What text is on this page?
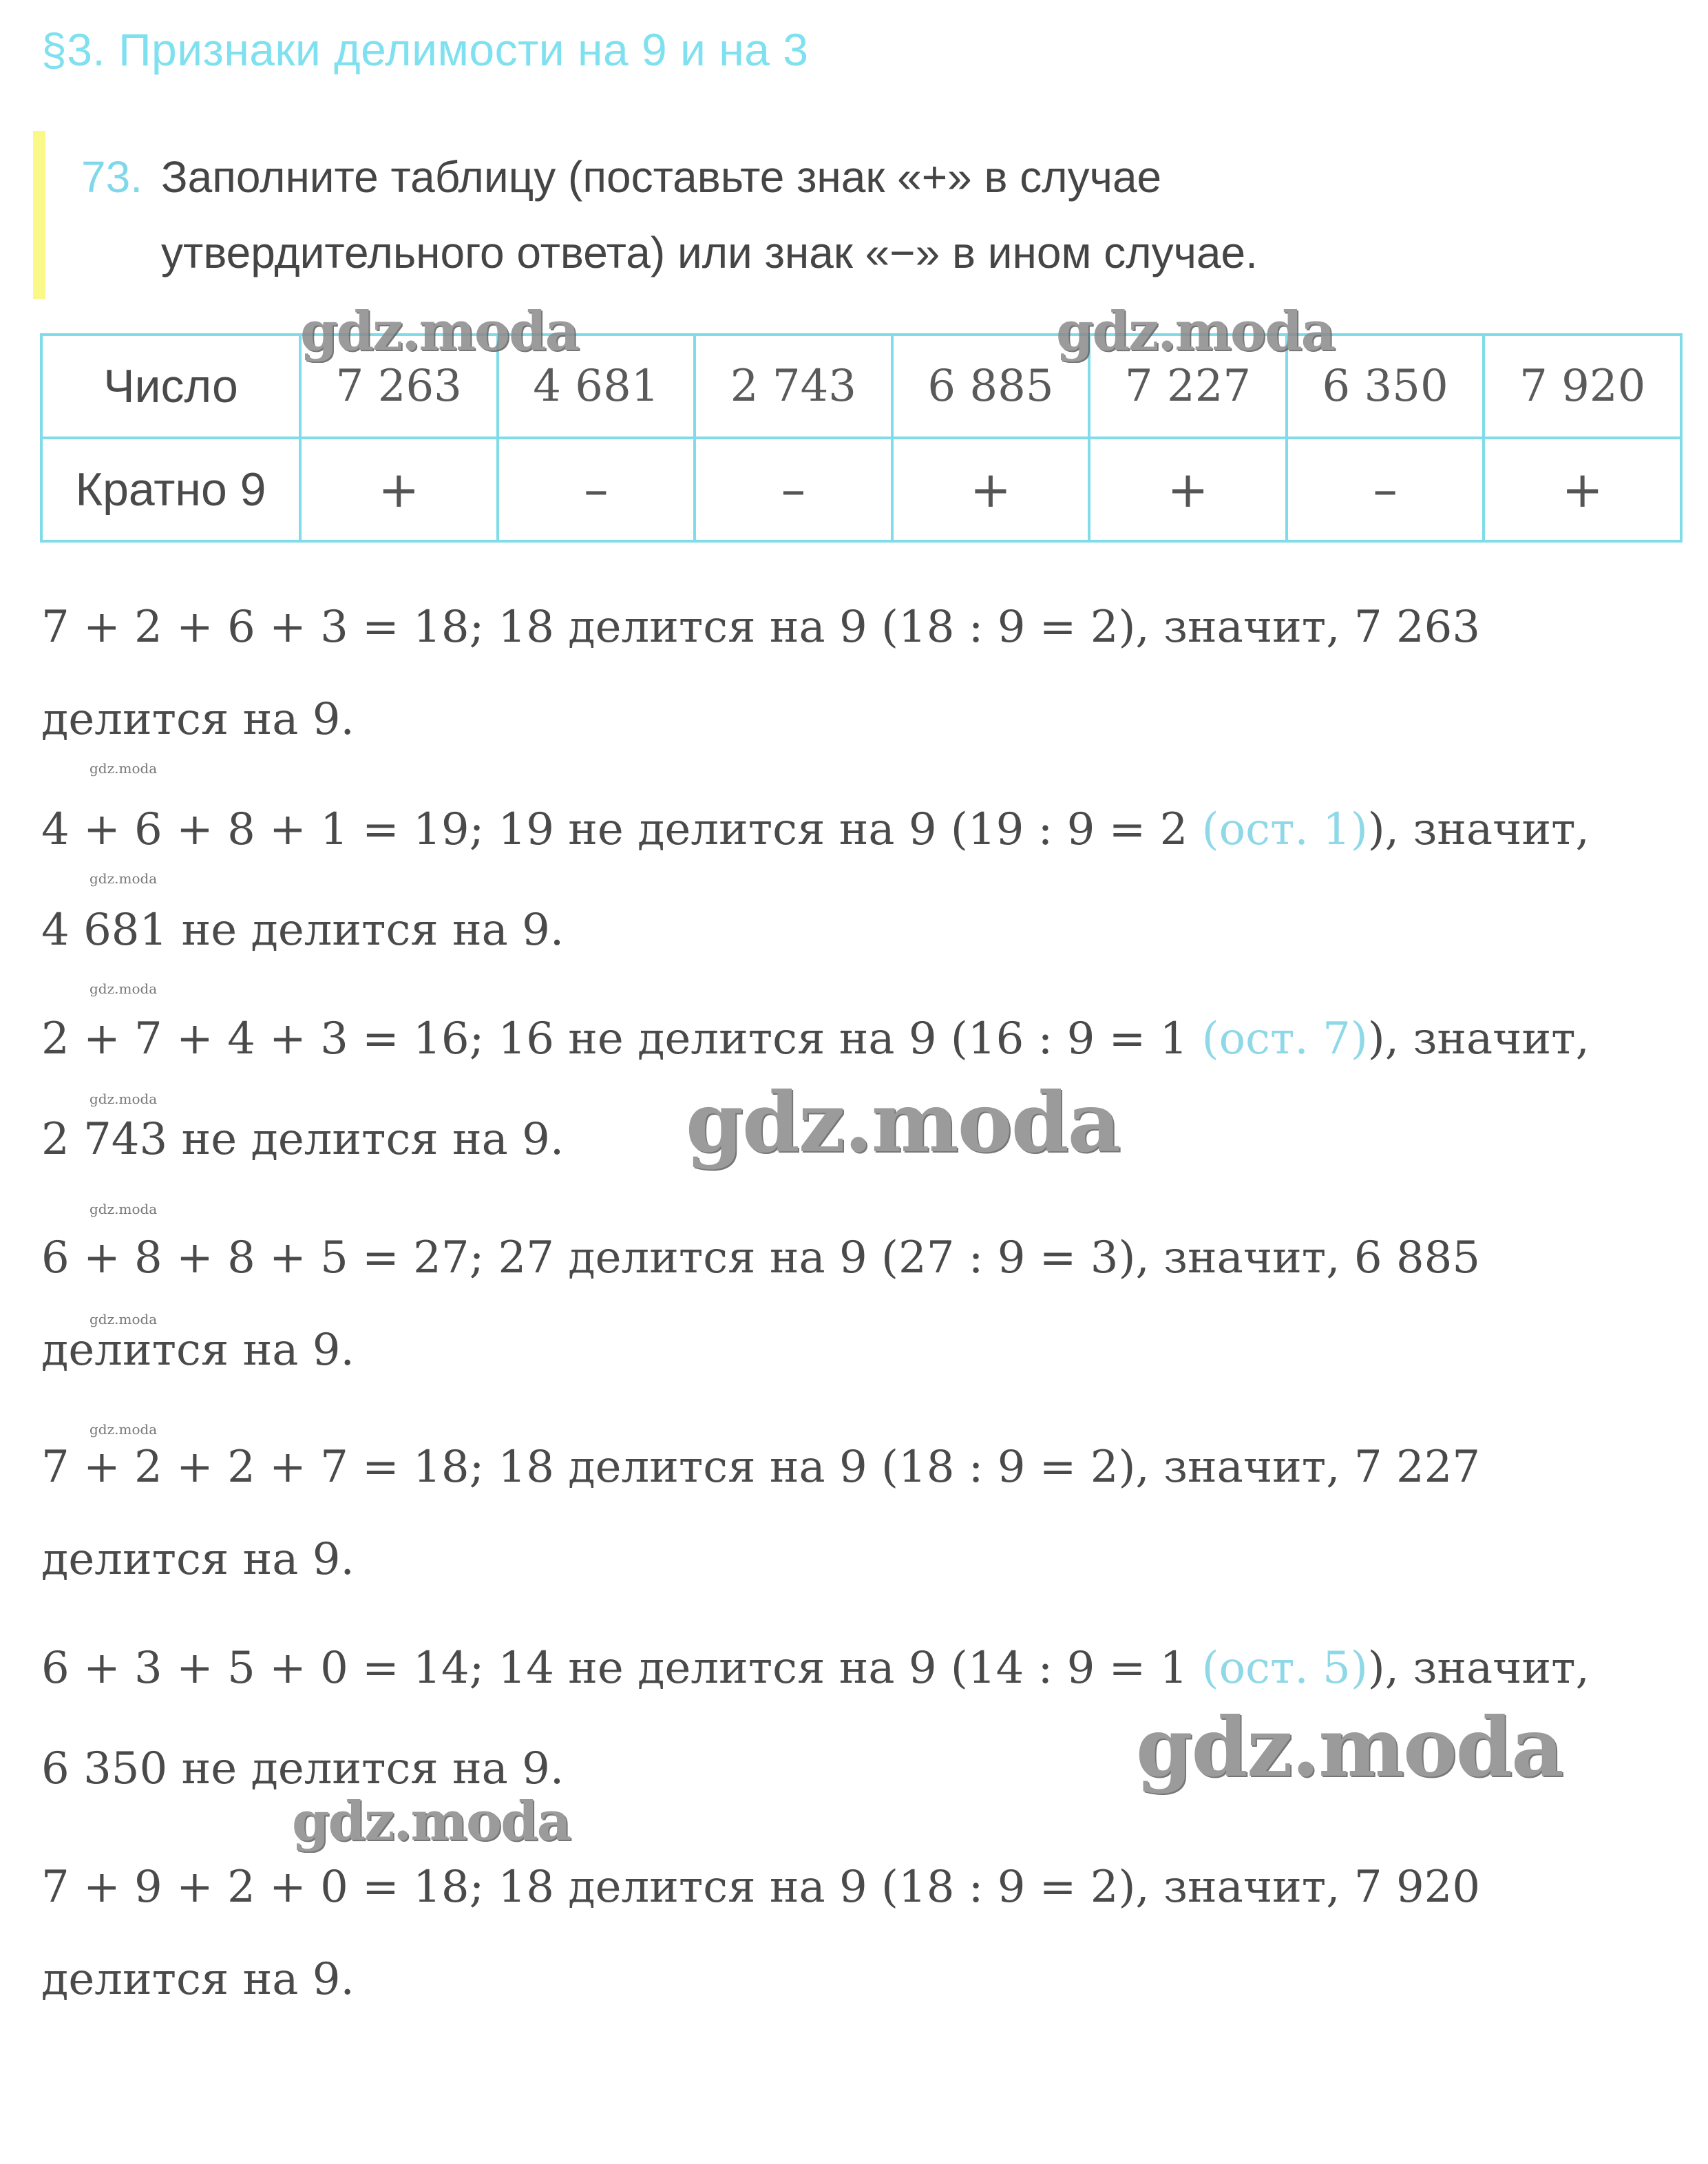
§3. Признаки делимости на 9 и на 3
73. Заполните таблицу (поставьте знак «+» в случае
утвердительного ответа) или знак «−» в ином случае.
Число	7 263	4 681	2 743	6 885	7 227	6 350	7 920
Кратно 9	+	–	–	+	+	–	+
7 + 2 + 6 + 3 = 18; 18 делится на 9 (18 : 9 = 2), значит, 7 263
делится на 9.
4 + 6 + 8 + 1 = 19; 19 не делится на 9 (19 : 9 = 2 (ост. 1)), значит,
4 681 не делится на 9.
2 + 7 + 4 + 3 = 16; 16 не делится на 9 (16 : 9 = 1 (ост. 7)), значит,
2 743 не делится на 9.
6 + 8 + 8 + 5 = 27; 27 делится на 9 (27 : 9 = 3), значит, 6 885
делится на 9.
7 + 2 + 2 + 7 = 18; 18 делится на 9 (18 : 9 = 2), значит, 7 227
делится на 9.
6 + 3 + 5 + 0 = 14; 14 не делится на 9 (14 : 9 = 1 (ост. 5)), значит,
6 350 не делится на 9.
7 + 9 + 2 + 0 = 18; 18 делится на 9 (18 : 9 = 2), значит, 7 920
делится на 9.
gdz.moda	gdz.moda
gdz.moda
gdz.moda
gdz.moda
gdz.moda
gdz.moda
gdz.moda
gdz.moda
gdz.moda
gdz.moda
gdz.moda
